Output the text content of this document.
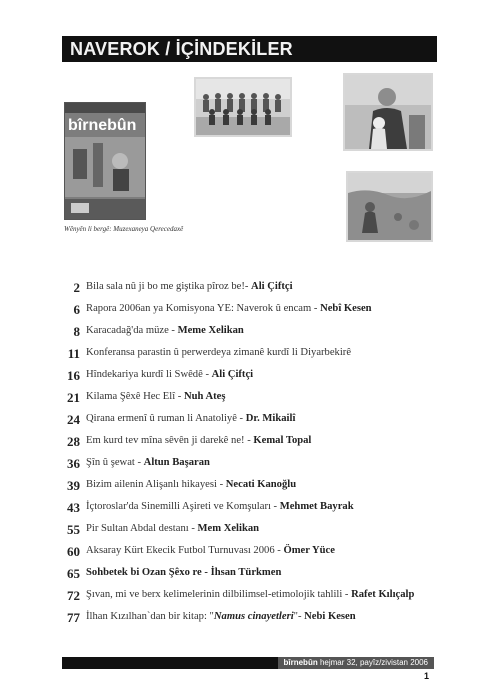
NAVEROK / İÇİNDEKİLER
bîrnebûn
Wênyên li bergê: Muzexaneya Qerecedaxê
2 Bila sala nû ji bo me giştika pîroz be!- Ali Çiftçi
6 Rapora 2006an ya Komisyona YE: Naverok û encam - Nebî Kesen
8 Karacadağ'da müze - Meme Xelikan
11 Konferansa parastin û perwerdeya zimanê kurdî li Diyarbekirê
16 Hîndekariya kurdî li Swêdê - Ali Çiftçi
21 Kilama Şêxê Hec Elî - Nuh Ateş
24 Qirana ermenî û ruman li Anatoliyê - Dr. Mikailî
28 Em kurd tev mîna sêvên ji darekê ne! - Kemal Topal
36 Şîn û şewat - Altun Başaran
39 Bizim ailenin Alişanlı hikayesi - Necati Kanoğlu
43 İçtoroslar'da Sinemilli Aşireti ve Komşuları - Mehmet Bayrak
55 Pir Sultan Abdal destanı - Mem Xelikan
60 Aksaray Kürt Ekecik Futbol Turnuvası 2006 - Ömer Yüce
65 Sohbetek bi Ozan Şêxo re - İhsan Türkmen
72 Şıvan, mi ve berx kelimelerinin dilbilimsel-etimolojik tahlili - Rafet Kılıçalp
77 İlhan Kızılhan`dan bir kitap: "Namus cinayetleri"- Nebi Kesen
bîrnebûn hejmar 32, payîz/zivistan 2006
1
